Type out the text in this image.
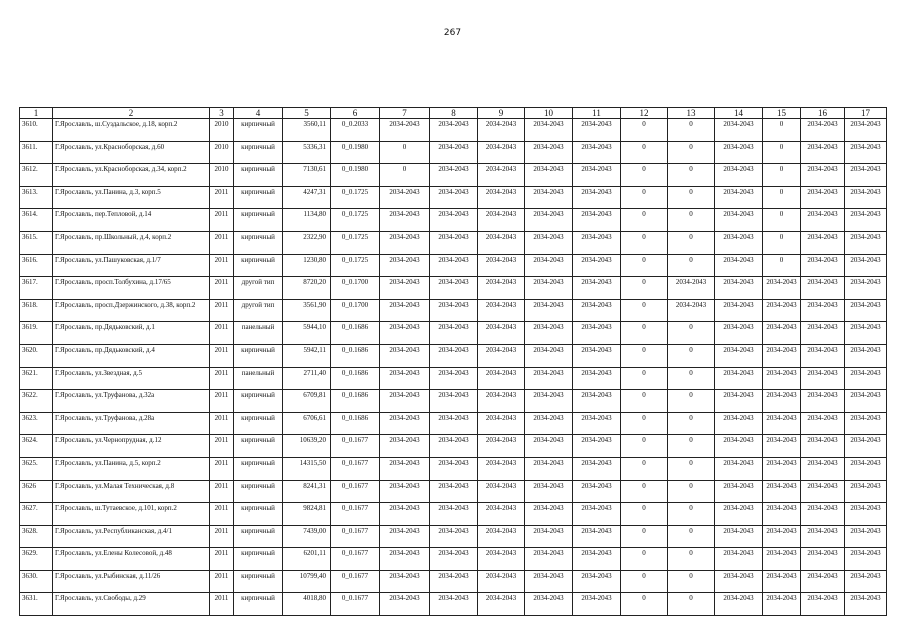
267
1	2	3	4	5	6	7	8	9	10	11	12	13	14	15	16	17
3610.	Г.Ярославль, ш.Суздальское, д.18, корп.2	2010	кирпичный	3560,11	0_0.2033	2034-2043	2034-2043	2034-2043	2034-2043	2034-2043	0	0	2034-2043	0	2034-2043	2034-2043
3611.	Г.Ярославль, ул.Красноборская, д.60	2010	кирпичный	5336,31	0_0.1980	0	2034-2043	2034-2043	2034-2043	2034-2043	0	0	2034-2043	0	2034-2043	2034-2043
3612.	Г.Ярославль, ул.Красноборская, д.34, корп.2	2010	кирпичный	7130,61	0_0.1980	0	2034-2043	2034-2043	2034-2043	2034-2043	0	0	2034-2043	0	2034-2043	2034-2043
3613.	Г.Ярославль, ул.Панина, д.3, корп.5	2011	кирпичный	4247,31	0_0.1725	2034-2043	2034-2043	2034-2043	2034-2043	2034-2043	0	0	2034-2043	0	2034-2043	2034-2043
3614.	Г.Ярославль, пер.Тепловой, д.14	2011	кирпичный	1134,80	0_0.1725	2034-2043	2034-2043	2034-2043	2034-2043	2034-2043	0	0	2034-2043	0	2034-2043	2034-2043
3615.	Г.Ярославль, пр.Школьный, д.4, корп.2	2011	кирпичный	2322,90	0_0.1725	2034-2043	2034-2043	2034-2043	2034-2043	2034-2043	0	0	2034-2043	0	2034-2043	2034-2043
3616.	Г.Ярославль, ул.Пашуковская, д.1/7	2011	кирпичный	1230,80	0_0.1725	2034-2043	2034-2043	2034-2043	2034-2043	2034-2043	0	0	2034-2043	0	2034-2043	2034-2043
3617.	Г.Ярославль, просп.Толбухина, д.17/65	2011	другой тип	8720,20	0_0.1700	2034-2043	2034-2043	2034-2043	2034-2043	2034-2043	0	2034-2043	2034-2043	2034-2043	2034-2043	2034-2043
3618.	Г.Ярославль, просп.Дзержинского, д.38, корп.2	2011	другой тип	3561,90	0_0.1700	2034-2043	2034-2043	2034-2043	2034-2043	2034-2043	0	2034-2043	2034-2043	2034-2043	2034-2043	2034-2043
3619.	Г.Ярославль, пр.Дядьковский, д.1	2011	панельный	5944,10	0_0.1686	2034-2043	2034-2043	2034-2043	2034-2043	2034-2043	0	0	2034-2043	2034-2043	2034-2043	2034-2043
3620.	Г.Ярославль, пр.Дядьковский, д.4	2011	кирпичный	5942,11	0_0.1686	2034-2043	2034-2043	2034-2043	2034-2043	2034-2043	0	0	2034-2043	2034-2043	2034-2043	2034-2043
3621.	Г.Ярославль, ул.Звездная, д.5	2011	панельный	2711,40	0_0.1686	2034-2043	2034-2043	2034-2043	2034-2043	2034-2043	0	0	2034-2043	2034-2043	2034-2043	2034-2043
3622.	Г.Ярославль, ул.Труфанова, д.32а	2011	кирпичный	6709,81	0_0.1686	2034-2043	2034-2043	2034-2043	2034-2043	2034-2043	0	0	2034-2043	2034-2043	2034-2043	2034-2043
3623.	Г.Ярославль, ул.Труфанова, д.28а	2011	кирпичный	6706,61	0_0.1686	2034-2043	2034-2043	2034-2043	2034-2043	2034-2043	0	0	2034-2043	2034-2043	2034-2043	2034-2043
3624.	Г.Ярославль, ул.Чернопрудная, д.12	2011	кирпичный	10639,20	0_0.1677	2034-2043	2034-2043	2034-2043	2034-2043	2034-2043	0	0	2034-2043	2034-2043	2034-2043	2034-2043
3625.	Г.Ярославль, ул.Панина, д.5, корп.2	2011	кирпичный	14315,50	0_0.1677	2034-2043	2034-2043	2034-2043	2034-2043	2034-2043	0	0	2034-2043	2034-2043	2034-2043	2034-2043
3626	Г.Ярославль, ул.Малая Техническая, д.8	2011	кирпичный	8241,31	0_0.1677	2034-2043	2034-2043	2034-2043	2034-2043	2034-2043	0	0	2034-2043	2034-2043	2034-2043	2034-2043
3627.	Г.Ярославль, ш.Тутаевское, д.101, корп.2	2011	кирпичный	9824,81	0_0.1677	2034-2043	2034-2043	2034-2043	2034-2043	2034-2043	0	0	2034-2043	2034-2043	2034-2043	2034-2043
3628.	Г.Ярославль, ул.Республиканская, д.4/1	2011	кирпичный	7439,00	0_0.1677	2034-2043	2034-2043	2034-2043	2034-2043	2034-2043	0	0	2034-2043	2034-2043	2034-2043	2034-2043
3629.	Г.Ярославль, ул.Елены Колесовой, д.48	2011	кирпичный	6201,11	0_0.1677	2034-2043	2034-2043	2034-2043	2034-2043	2034-2043	0	0	2034-2043	2034-2043	2034-2043	2034-2043
3630.	Г.Ярославль, ул.Рыбинская, д.11/26	2011	кирпичный	10799,40	0_0.1677	2034-2043	2034-2043	2034-2043	2034-2043	2034-2043	0	0	2034-2043	2034-2043	2034-2043	2034-2043
3631.	Г.Ярославль, ул.Свободы, д.29	2011	кирпичный	4018,80	0_0.1677	2034-2043	2034-2043	2034-2043	2034-2043	2034-2043	0	0	2034-2043	2034-2043	2034-2043	2034-2043
